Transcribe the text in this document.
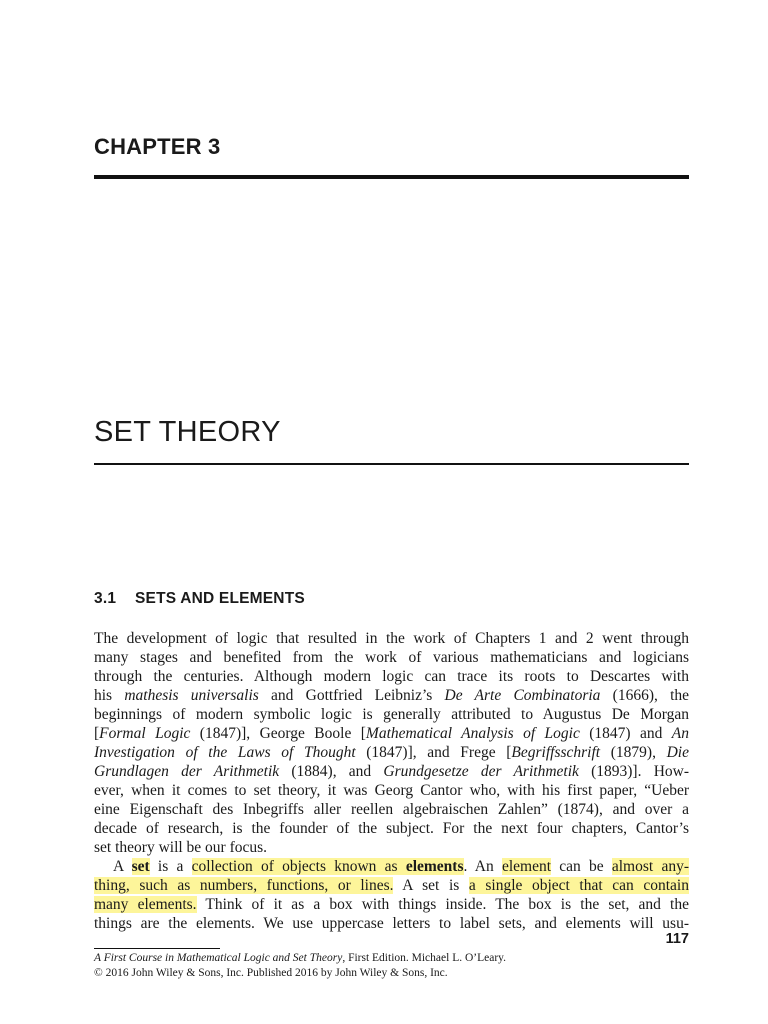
CHAPTER 3
SET THEORY
3.1 SETS AND ELEMENTS
The development of logic that resulted in the work of Chapters 1 and 2 went through
many stages and benefited from the work of various mathematicians and logicians
through the centuries. Although modern logic can trace its roots to Descartes with
his mathesis universalis and Gottfried Leibniz’s De Arte Combinatoria (1666), the
beginnings of modern symbolic logic is generally attributed to Augustus De Morgan
[Formal Logic (1847)], George Boole [Mathematical Analysis of Logic (1847) and An
Investigation of the Laws of Thought (1847)], and Frege [Begriffsschrift (1879), Die
Grundlagen der Arithmetik (1884), and Grundgesetze der Arithmetik (1893)]. How-
ever, when it comes to set theory, it was Georg Cantor who, with his first paper, “Ueber
eine Eigenschaft des Inbegriffs aller reellen algebraischen Zahlen” (1874), and over a
decade of research, is the founder of the subject. For the next four chapters, Cantor’s
set theory will be our focus.
A set is a collection of objects known as elements. An element can be almost any-
thing, such as numbers, functions, or lines. A set is a single object that can contain
many elements. Think of it as a box with things inside. The box is the set, and the
things are the elements. We use uppercase letters to label sets, and elements will usu-
117
A First Course in Mathematical Logic and Set Theory, First Edition. Michael L. O’Leary.
© 2016 John Wiley & Sons, Inc. Published 2016 by John Wiley & Sons, Inc.
